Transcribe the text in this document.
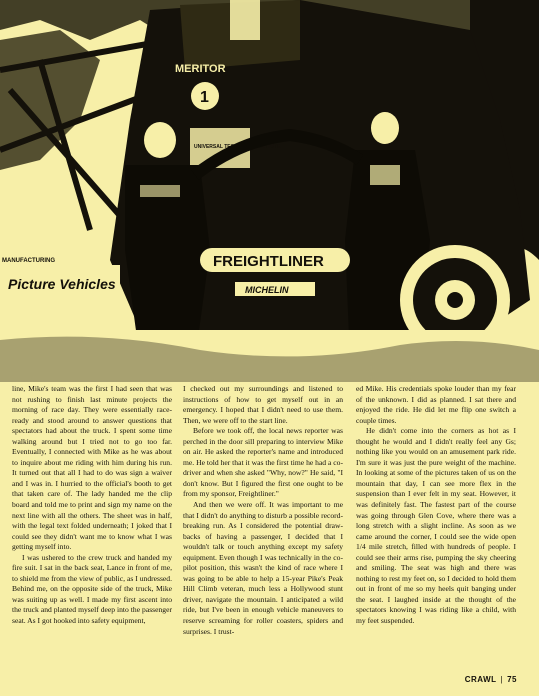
MERITOR
1
UNIVERSAL TECHNICAL INSTITUTE
FREIGHTLINER
MICHELIN
MANUFACTURING
Picture Vehicles

line, Mike's team was the first I had seen that was not rushing to finish last minute projects the morning of race day. They were essentially race-ready and stood around to answer questions that spectators had about the truck. I spent some time walking around but I tried not to go too far. Eventually, I connected with Mike as he was about to inquire about me riding with him during his run. It turned out that all I had to do was sign a waiver and I was in. I hurried to the official's booth to get that taken care of. The lady handed me the clip board and told me to print and sign my name on the next line with all the others. The sheet was in half, with the legal text folded underneath; I joked that I could see they didn't want me to know what I was getting myself into.

I was ushered to the crew truck and handed my fire suit. I sat in the back seat, Lance in front of me, to shield me from the view of public, as I undressed. Behind me, on the opposite side of the truck, Mike was suiting up as well. I made my first ascent into the truck and planted myself deep into the passenger seat. As I got hooked into safety equipment,

I checked out my surroundings and listened to instructions of how to get myself out in an emergency. I hoped that I didn't need to use them. Then, we were off to the start line.

Before we took off, the local news reporter was perched in the door sill preparing to interview Mike on air. He asked the reporter's name and introduced me. He told her that it was the first time he had a co-driver and when she asked "Why, now?" He said, "I don't know. But I figured the first one ought to be from my sponsor, Freightliner."

And then we were off. It was important to me that I didn't do anything to disturb a possible record-breaking run. As I considered the potential draw-backs of having a passenger, I decided that I wouldn't talk or touch anything except my safety equipment. Even though I was technically in the co-pilot position, this wasn't the kind of race where I was going to be able to help a 15-year Pike's Peak Hill Climb veteran, much less a Hollywood stunt driver, navigate the mountain. I anticipated a wild ride, but I've been in enough vehicle maneuvers to reserve screaming for roller coasters, spiders and surprises. I trust-

ed Mike. His credentials spoke louder than my fear of the unknown. I did as planned. I sat there and enjoyed the ride. He did let me flip one switch a couple times.

He didn't come into the corners as hot as I thought he would and I didn't really feel any Gs; nothing like you would on an amusement park ride. I'm sure it was just the pure weight of the machine. In looking at some of the pictures taken of us on the mountain that day, I can see more flex in the suspension than I ever felt in my seat. However, it was definitely fast. The fastest part of the course was going through Glen Cove, where there was a long stretch with a slight incline. As soon as we came around the corner, I could see the wide open 1/4 mile stretch, filled with hundreds of people. I could see their arms rise, pumping the sky cheering and smiling. The seat was high and there was nothing to rest my feet on, so I decided to hold them out in front of me so my heels quit banging under the seat. I laughed inside at the thought of the spectators knowing I was riding like a child, with my feet suspended.

CRAWL | 75
